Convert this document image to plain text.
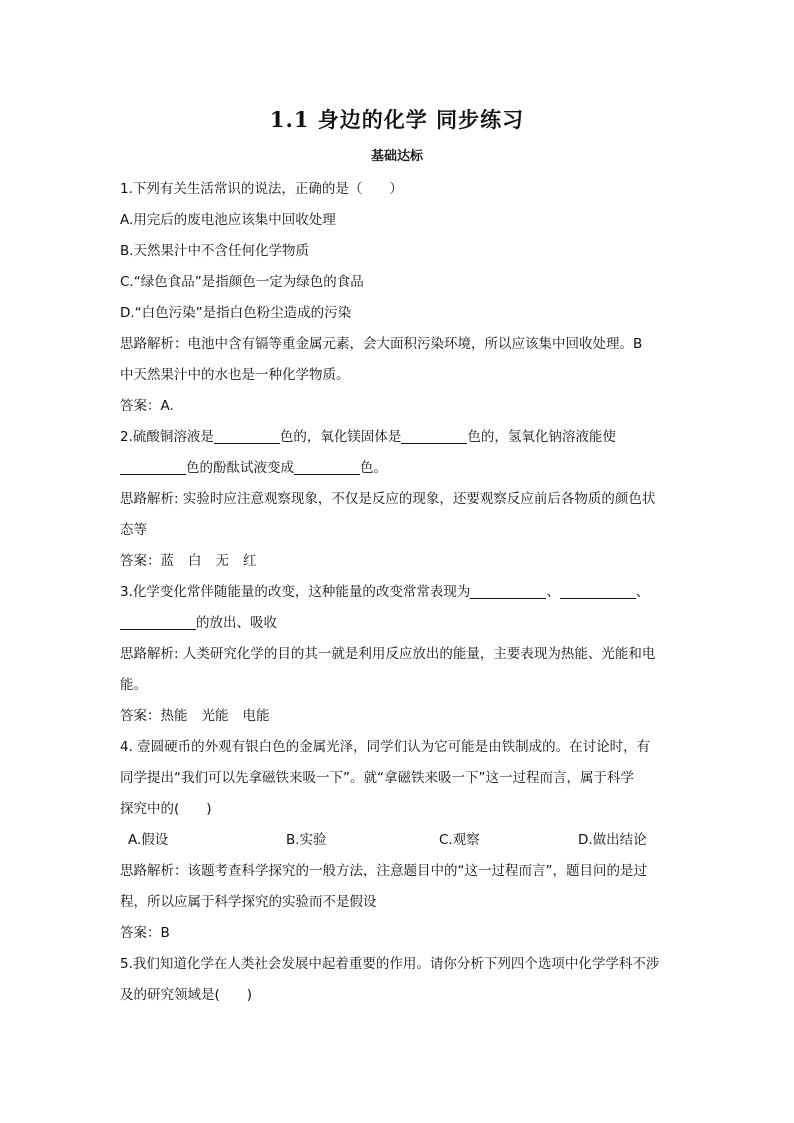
1.1 身边的化学 同步练习
基础达标

1.下列有关生活常识的说法，正确的是（　　）

A.用完后的废电池应该集中回收处理

B.天然果汁中不含任何化学物质

C.“绿色食品”是指颜色一定为绿色的食品

D.“白色污染”是指白色粉尘造成的污染

思路解析：电池中含有镉等重金属元素，会大面积污染环境，所以应该集中回收处理。B

中天然果汁中的水也是一种化学物质。

答案：A.

2.硫酸铜溶液是	色的，氧化镁固体是	色的，氢氧化钠溶液能使

色的酚酞试液变成	色。

思路解析: 实验时应注意观察现象，不仅是反应的现象，还要观察反应前后各物质的颜色状

态等

答案：蓝 白 无 红

3.化学变化常伴随能量的改变，这种能量的改变常常表现为	、	、

的放出、吸收

思路解析: 人类研究化学的目的其一就是利用反应放出的能量，主要表现为热能、光能和电

能。

答案：热能 光能 电能

4. 壹圆硬币的外观有银白色的金属光泽，同学们认为它可能是由铁制成的。在讨论时，有

同学提出“我们可以先拿磁铁来吸一下”。就“拿磁铁来吸一下”这一过程而言，属于科学

探究中的(　　)

A.假设	B.实验	C.观察	D.做出结论

思路解析：该题考查科学探究的一般方法，注意题目中的“这一过程而言”，题目问的是过

程，所以应属于科学探究的实验而不是假设

答案：B

5.我们知道化学在人类社会发展中起着重要的作用。请你分析下列四个选项中化学学科不涉

及的研究领域是(　　)
